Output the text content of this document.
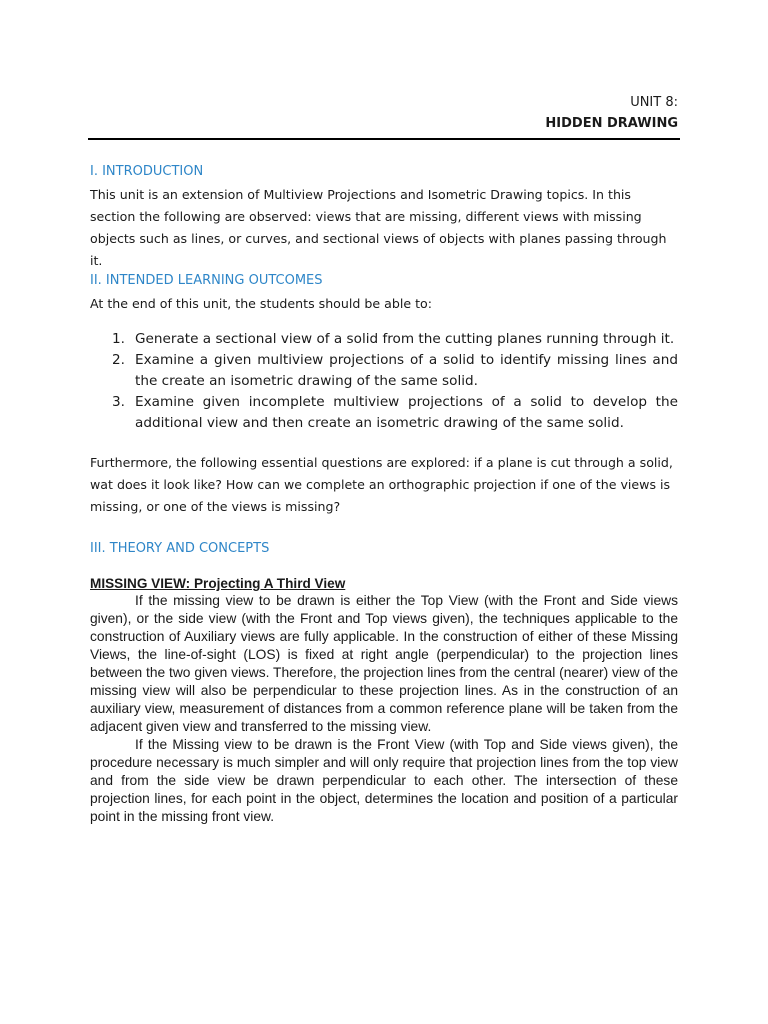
UNIT 8:
HIDDEN DRAWING
I. INTRODUCTION
This unit is an extension of Multiview Projections and Isometric Drawing topics. In this section the following are observed: views that are missing, different views with missing objects such as lines, or curves, and sectional views of objects with planes passing through it.
II. INTENDED LEARNING OUTCOMES
At the end of this unit, the students should be able to:
1. Generate a sectional view of a solid from the cutting planes running through it.
2. Examine a given multiview projections of a solid to identify missing lines and the create an isometric drawing of the same solid.
3. Examine given incomplete multiview projections of a solid to develop the additional view and then create an isometric drawing of the same solid.
Furthermore, the following essential questions are explored: if a plane is cut through a solid, wat does it look like? How can we complete an orthographic projection if one of the views is missing, or one of the views is missing?
III. THEORY AND CONCEPTS
MISSING VIEW: Projecting A Third View

If the missing view to be drawn is either the Top View (with the Front and Side views given), or the side view (with the Front and Top views given), the techniques applicable to the construction of Auxiliary views are fully applicable. In the construction of either of these Missing Views, the line-of-sight (LOS) is fixed at right angle (perpendicular) to the projection lines between the two given views. Therefore, the projection lines from the central (nearer) view of the missing view will also be perpendicular to these projection lines. As in the construction of an auxiliary view, measurement of distances from a common reference plane will be taken from the adjacent given view and transferred to the missing view.

If the Missing view to be drawn is the Front View (with Top and Side views given), the procedure necessary is much simpler and will only require that projection lines from the top view and from the side view be drawn perpendicular to each other. The intersection of these projection lines, for each point in the object, determines the location and position of a particular point in the missing front view.
